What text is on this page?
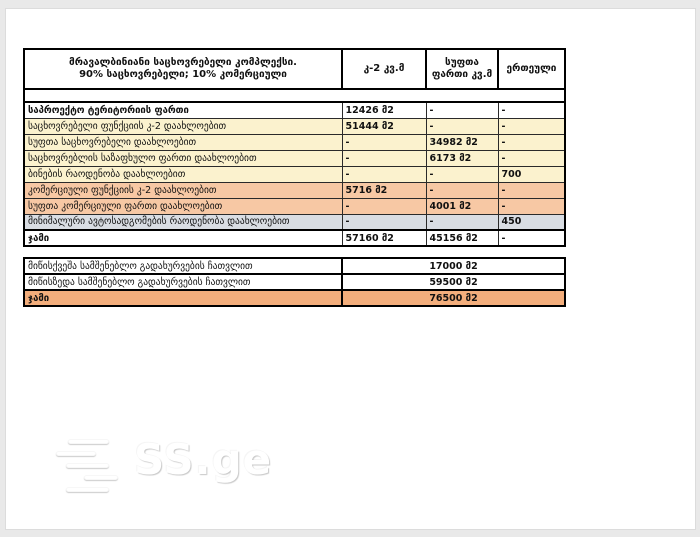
მრავალბინიანი საცხოვრებელი კომპლექსი.
90% საცხოვრებელი; 10% კომერციული	კ-2 კვ.მ	სუფთა ფართი კვ.მ	ერთეული

საპროექტო ტერიტორიის ფართი	12426 მ2	-	-
საცხოვრებელი ფუნქციის კ-2 დაახლოებით	51444 მ2	-	-
სუფთა საცხოვრებელი დაახლოებით	-	34982 მ2	-
საცხოვრებლის საზაფხულო ფართი დაახლოებით	-	6173 მ2	-
ბინების რაოდენობა დაახლოებით	-	-	700
კომერციული ფუნქციის კ-2 დაახლოებით	5716 მ2	-	-
სუფთა კომერციული ფართი დაახლოებით	-	4001 მ2	-
მინიმალური ავტოსადგომების რაოდენობა დაახლოებით	-	-	450
ჯამი	57160 მ2	45156 მ2	-
მიწისქვეშა სამშენებლო გადახურვების ჩათვლით	17000 მ2
მიწისზედა სამშენებლო გადახურვების ჩათვლით	59500 მ2
ჯამი	76500 მ2
SS.ge
